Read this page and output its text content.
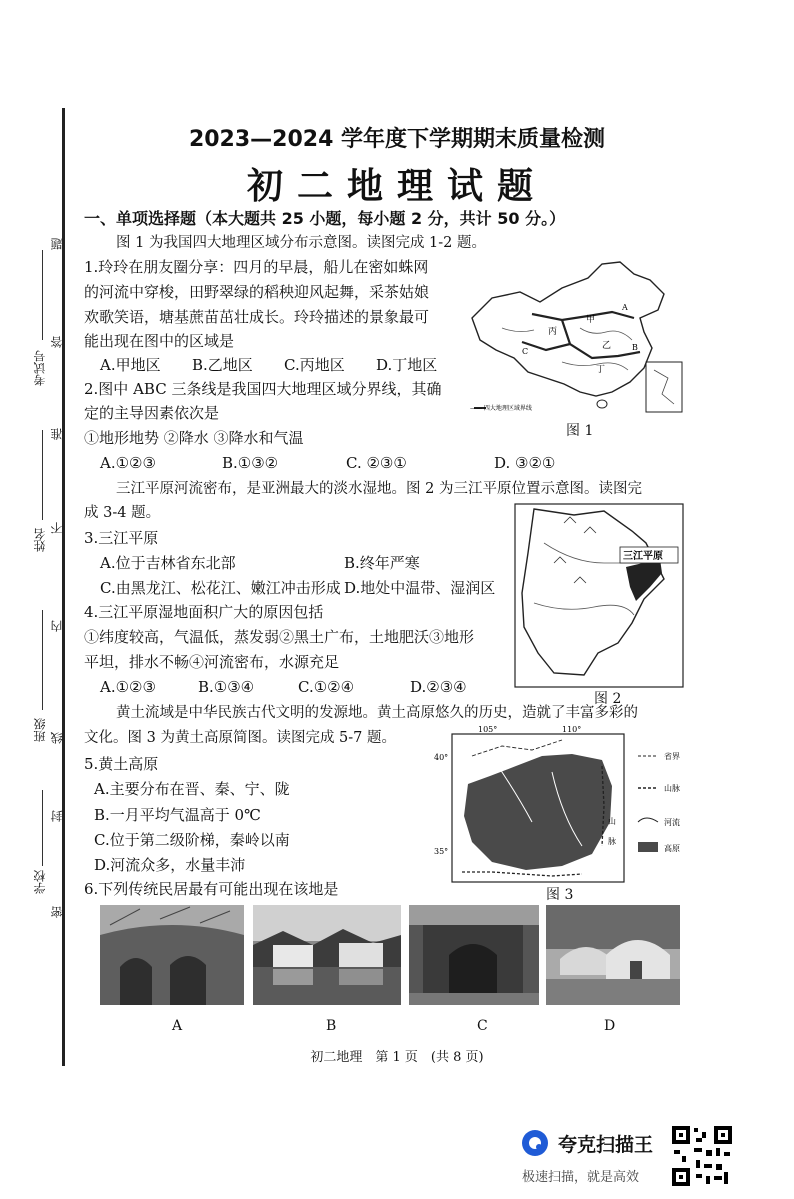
考试号
姓名
班级
学校
题
答
准
不
内
线
封
密
2023—2024 学年度下学期期末质量检测
初二地理试题
一、单项选择题（本大题共 25 小题，每小题 2 分，共计 50 分。）
图 1 为我国四大地理区域分布示意图。读图完成 1-2 题。
1.玲玲在朋友圈分享：四月的早晨，船儿在密如蛛网
的河流中穿梭，田野翠绿的稻秧迎风起舞，采茶姑娘
欢歌笑语，塘基蔗苗茁壮成长。玲玲描述的景象最可
能出现在图中的区域是
A.甲地区 B.乙地区 C.丙地区 D.丁地区
2.图中 ABC 三条线是我国四大地理区域分界线，其确
定的主导因素依次是
①地形地势 ②降水 ③降水和气温
A.①②③	B.①③②	C. ②③①	D. ③②①
甲
乙
丙
丁
A
B
C
—— 四大地理区域界线
图 1
三江平原河流密布，是亚洲最大的淡水湿地。图 2 为三江平原位置示意图。读图完
成 3-4 题。
三江平原
图 2
3.三江平原
A.位于吉林省东北部	B.终年严寒
C.由黑龙江、松花江、嫩江冲击形成 D.地处中温带、湿润区
4.三江平原湿地面积广大的原因包括
①纬度较高，气温低，蒸发弱②黑土广布，土地肥沃③地形
平坦，排水不畅④河流密布，水源充足
A.①②③	B.①③④	C.①②④	D.②③④
黄土流域是中华民族古代文明的发源地。黄土高原悠久的历史，造就了丰富多彩的
文化。图 3 为黄土高原简图。读图完成 5-7 题。
105°	110°
40°
35°
山
脉
省界
山脉
河流
高原
图 3
5.黄土高原
A.主要分布在晋、秦、宁、陇
B.一月平均气温高于 0℃
C.位于第二级阶梯，秦岭以南
D.河流众多，水量丰沛
6.下列传统民居最有可能出现在该地是
A	B	C	D
初二地理　第 1 页　(共 8 页)
夸克扫描王
极速扫描，就是高效
